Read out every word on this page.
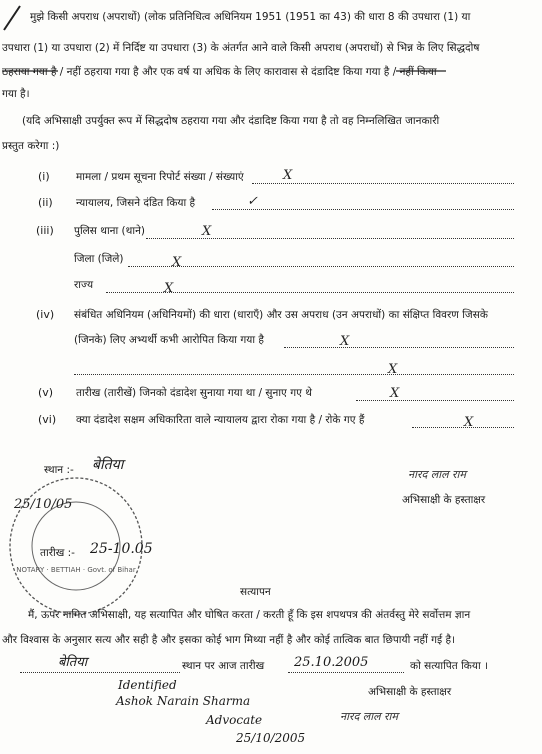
मुझे किसी अपराध (अपराधों) (लोक प्रतिनिधित्व अधिनियम 1951 (1951 का 43) की धारा 8 की उपधारा (1) या
उपधारा (1) या उपधारा (2) में निर्दिष्ट या उपधारा (3) के अंतर्गत आने वाले किसी अपराध (अपराधों) से भिन्न के लिए सिद्धदोष
ठहराया गया है / नहीं ठहराया गया है और एक वर्ष या अधिक के लिए कारावास से दंडादिष्ट किया गया है / नहीं किया
गया है।
(यदि अभिसाक्षी उपर्युक्त रूप में सिद्धदोष ठहराया गया और दंडादिष्ट किया गया है तो वह निम्नलिखित जानकारी
प्रस्तुत करेगा :)
(i)	मामला / प्रथम सूचना रिपोर्ट संख्या / संख्याएं	X
(ii) न्यायालय, जिसने दंडित किया है	✓
(iii) पुलिस थाना (थाने)	X
जिला (जिले)	X
राज्य	X
(iv) संबंधित अधिनियम (अधिनियमों) की धारा (धाराएँ) और उस अपराध (उन अपराधों) का संक्षिप्त विवरण जिसके
(जिनके) लिए अभ्यर्थी कभी आरोपित किया गया है	X
X
(v) तारीख (तारीखें) जिनको दंडादेश सुनाया गया था / सुनाए गए थे	X
(vi) क्या दंडादेश सक्षम अधिकारिता वाले न्यायालय द्वारा रोका गया है / रोके गए हैं	X
स्थान :- बेतिया
नारद लाल राम
अभिसाक्षी के हस्ताक्षर
25/10/05
NOTARY · BETTIAH · Govt. of Bihar
तारीख :- 25-10.05
सत्यापन
मैं, ऊपर नामित अभिसाक्षी, यह सत्यापित और घोषित करता / करती हूँ कि इस शपथपत्र की अंतर्वस्तु मेरे सर्वोत्तम ज्ञान
और विश्वास के अनुसार सत्य और सही है और इसका कोई भाग मिथ्या नहीं है और कोई तात्विक बात छिपायी नहीं गई है।
बेतिया	स्थान पर आज तारीख 25.10.2005	को सत्यापित किया ।
Identified
Ashok Narain Sharma
Advocate
25/10/2005
अभिसाक्षी के हस्ताक्षर
नारद लाल राम
